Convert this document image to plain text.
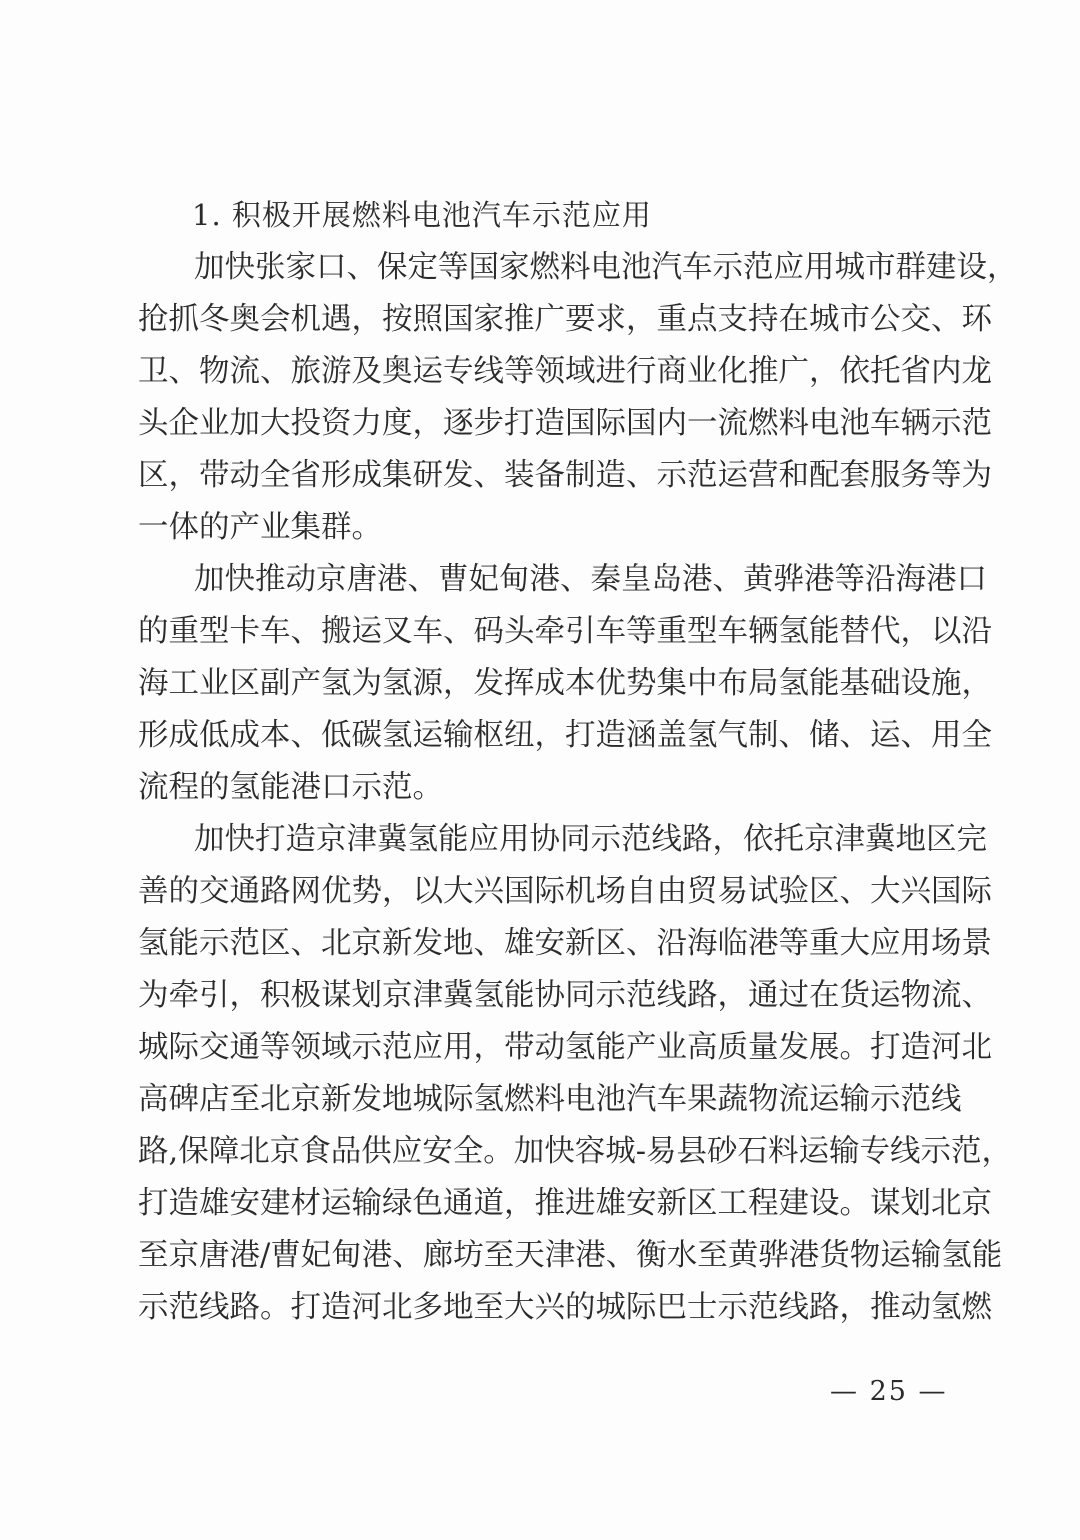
1. 积极开展燃料电池汽车示范应用
加快张家口、保定等国家燃料电池汽车示范应用城市群建设，
抢抓冬奥会机遇，按照国家推广要求，重点支持在城市公交、环
卫、物流、旅游及奥运专线等领域进行商业化推广，依托省内龙
头企业加大投资力度，逐步打造国际国内一流燃料电池车辆示范
区，带动全省形成集研发、装备制造、示范运营和配套服务等为
一体的产业集群。
加快推动京唐港、曹妃甸港、秦皇岛港、黄骅港等沿海港口
的重型卡车、搬运叉车、码头牵引车等重型车辆氢能替代，以沿
海工业区副产氢为氢源，发挥成本优势集中布局氢能基础设施，
形成低成本、低碳氢运输枢纽，打造涵盖氢气制、储、运、用全
流程的氢能港口示范。
加快打造京津冀氢能应用协同示范线路，依托京津冀地区完
善的交通路网优势，以大兴国际机场自由贸易试验区、大兴国际
氢能示范区、北京新发地、雄安新区、沿海临港等重大应用场景
为牵引，积极谋划京津冀氢能协同示范线路，通过在货运物流、
城际交通等领域示范应用，带动氢能产业高质量发展。打造河北
高碑店至北京新发地城际氢燃料电池汽车果蔬物流运输示范线
路,保障北京食品供应安全。加快容城-易县砂石料运输专线示范，
打造雄安建材运输绿色通道，推进雄安新区工程建设。谋划北京
至京唐港/曹妃甸港、廊坊至天津港、衡水至黄骅港货物运输氢能
示范线路。打造河北多地至大兴的城际巴士示范线路，推动氢燃
— 25 —
